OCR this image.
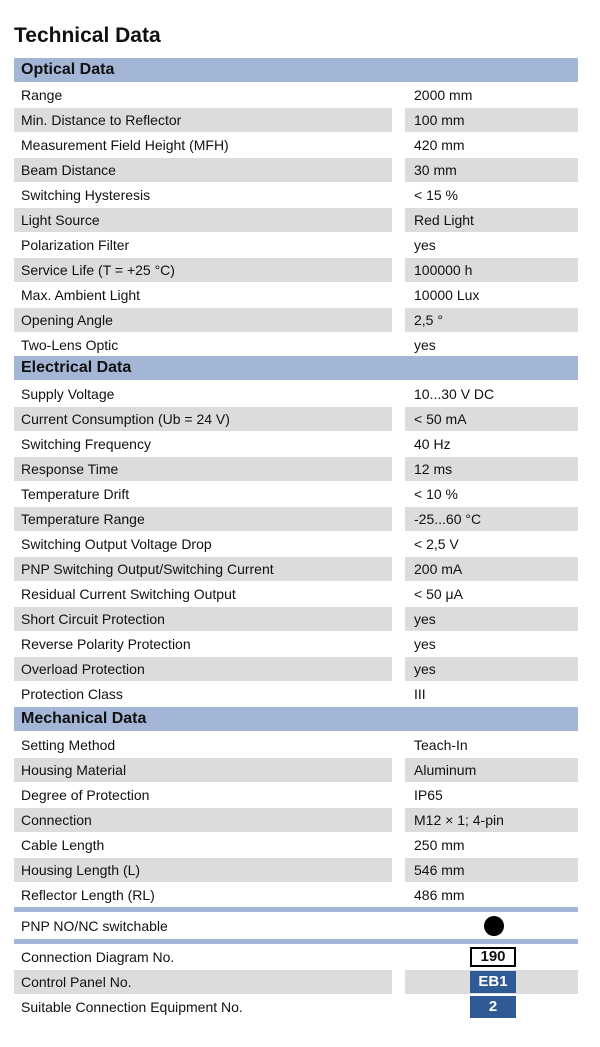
Technical Data
Optical Data
Range	2000 mm
Min. Distance to Reflector	100 mm
Measurement Field Height (MFH)	420 mm
Beam Distance	30 mm
Switching Hysteresis	< 15 %
Light Source	Red Light
Polarization Filter	yes
Service Life (T = +25 °C)	100000 h
Max. Ambient Light	10000 Lux
Opening Angle	2,5 °
Two-Lens Optic	yes
Electrical Data
Supply Voltage	10...30 V DC
Current Consumption (Ub = 24 V)	< 50 mA
Switching Frequency	40 Hz
Response Time	12 ms
Temperature Drift	< 10 %
Temperature Range	-25...60 °C
Switching Output Voltage Drop	< 2,5 V
PNP Switching Output/Switching Current	200 mA
Residual Current Switching Output	< 50 μA
Short Circuit Protection	yes
Reverse Polarity Protection	yes
Overload Protection	yes
Protection Class	III
Mechanical Data
Setting Method	Teach-In
Housing Material	Aluminum
Degree of Protection	IP65
Connection	M12 × 1; 4-pin
Cable Length	250 mm
Housing Length (L)	546 mm
Reflector Length (RL)	486 mm
PNP NO/NC switchable
Connection Diagram No.	190
Control Panel No.	EB1
Suitable Connection Equipment No.	2
